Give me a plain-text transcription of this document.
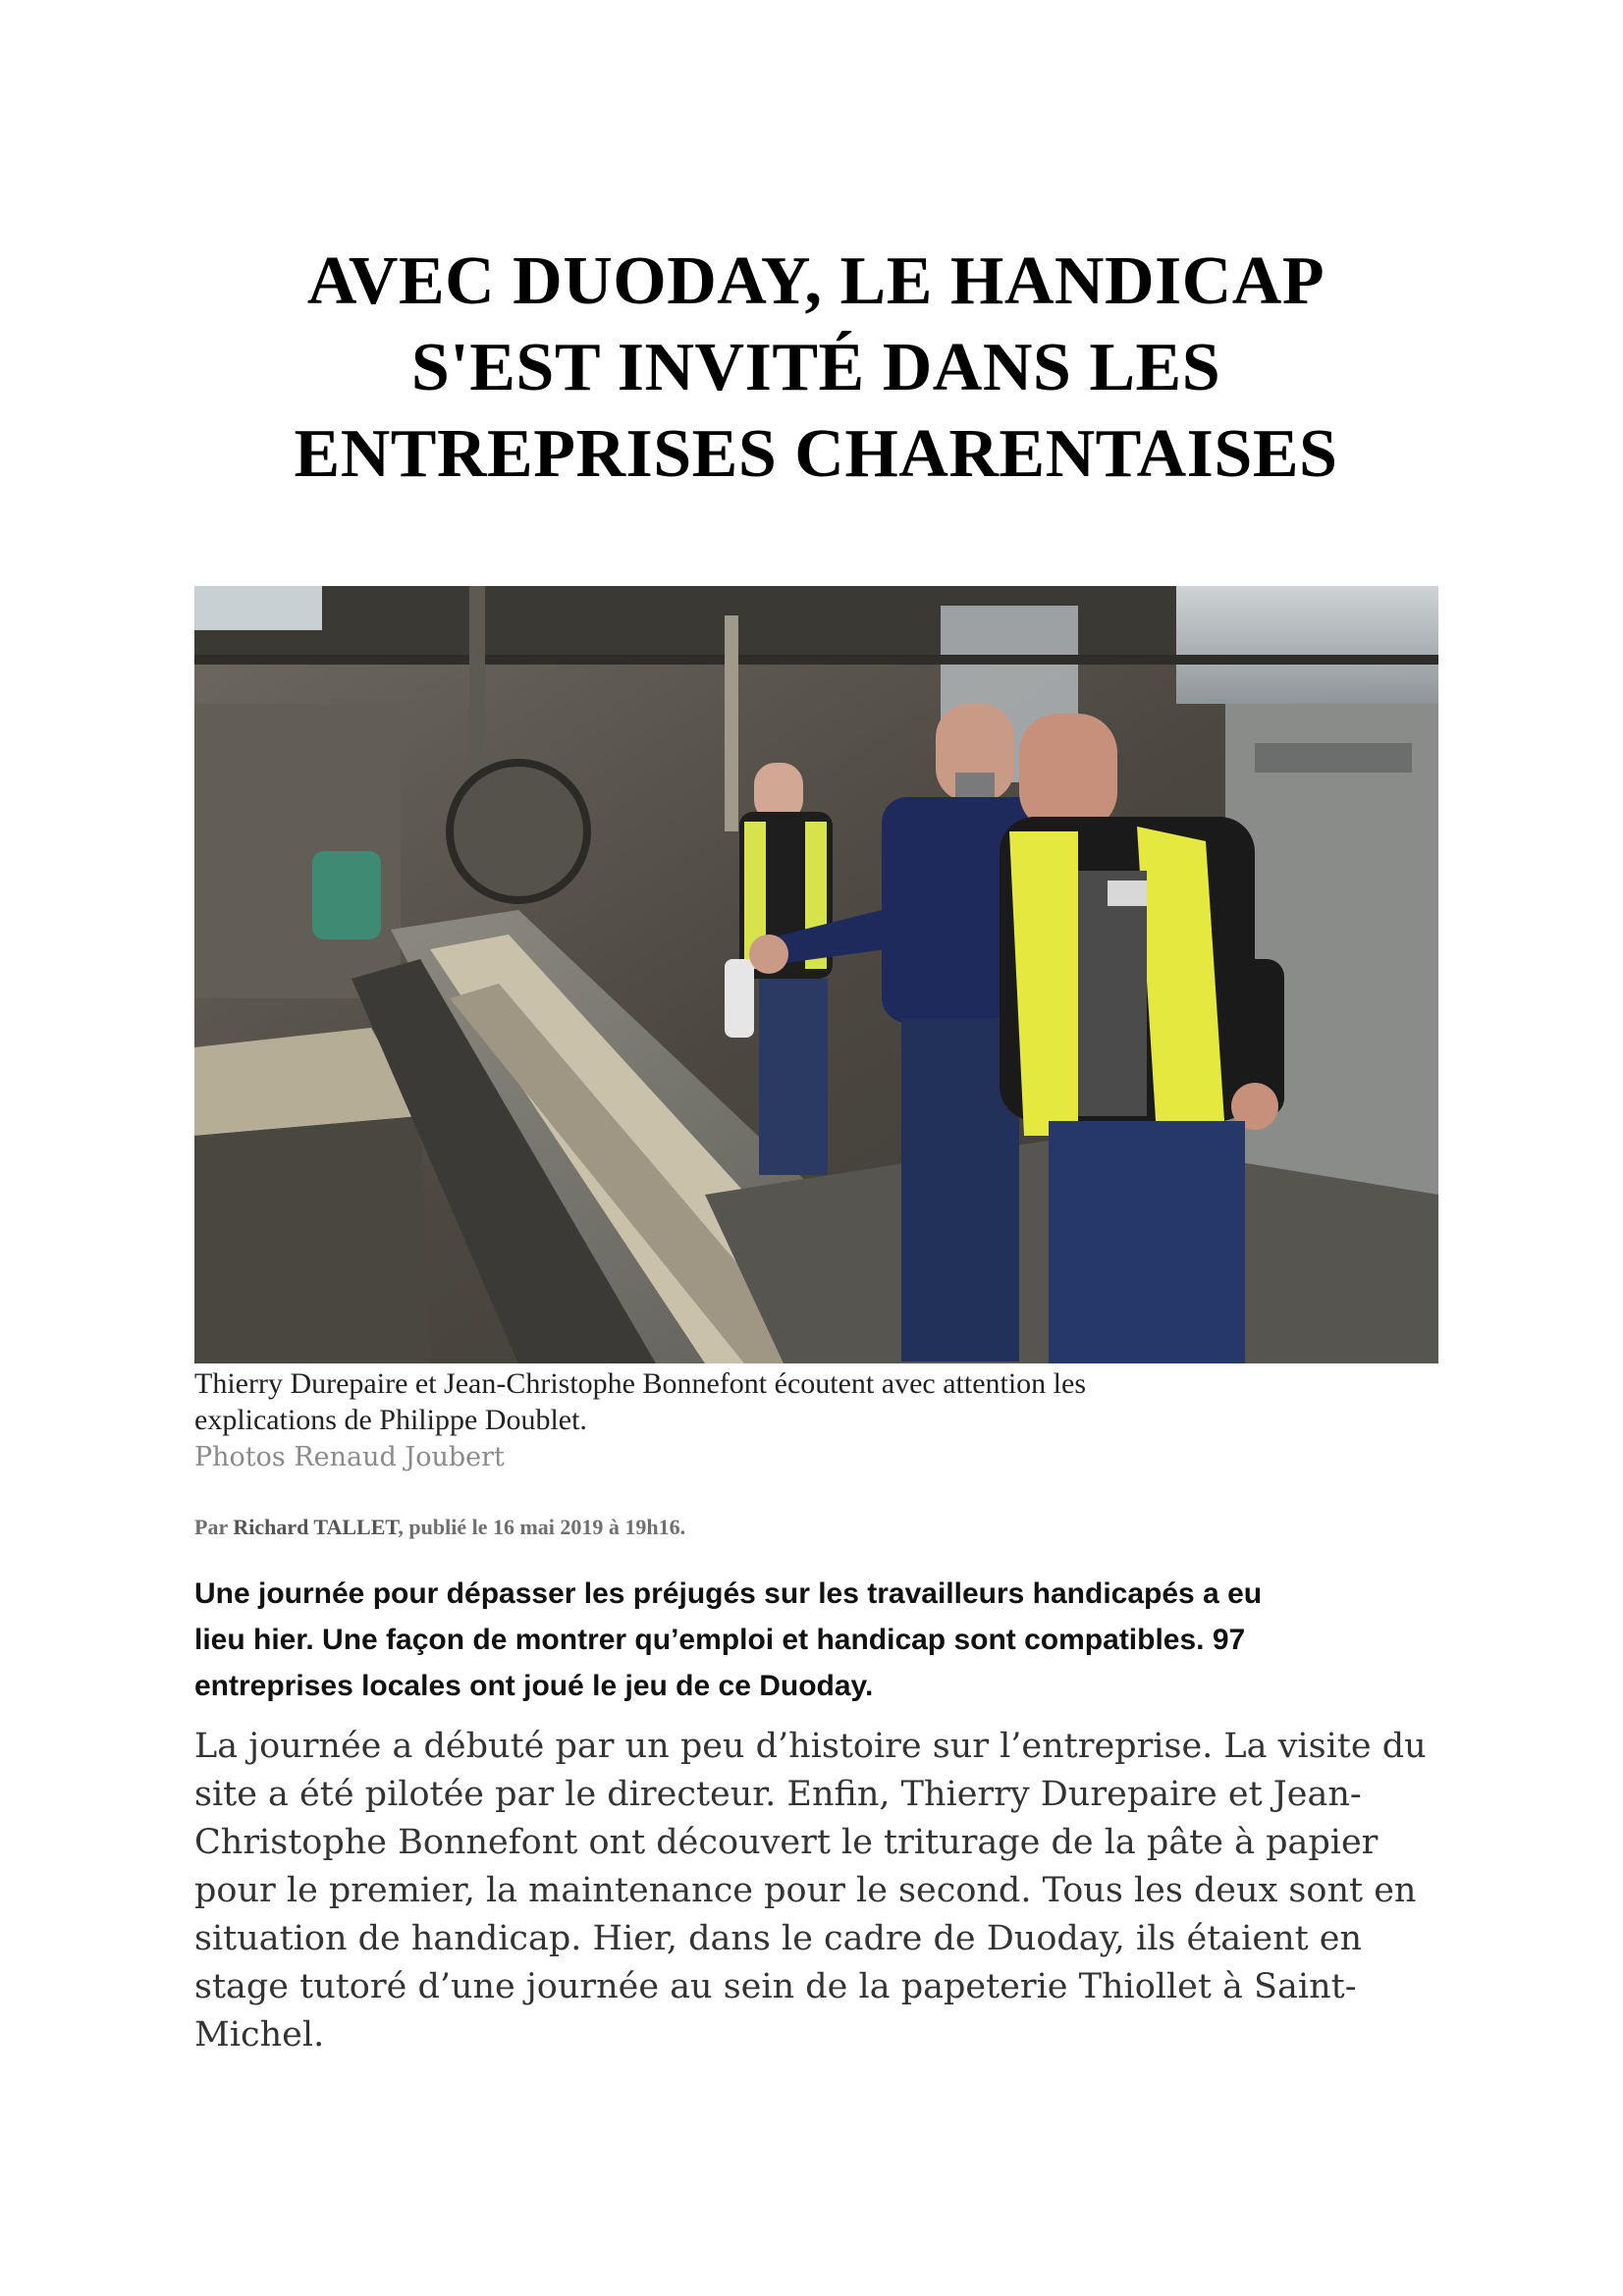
AVEC DUODAY, LE HANDICAP
S'EST INVITÉ DANS LES
ENTREPRISES CHARENTAISES

Thierry Durepaire et Jean-Christophe Bonnefont écoutent avec attention les
explications de Philippe Doublet.

Photos Renaud Joubert
Par Richard TALLET, publié le 16 mai 2019 à 19h16.

Une journée pour dépasser les préjugés sur les travailleurs handicapés a eu
lieu hier. Une façon de montrer qu’emploi et handicap sont compatibles. 97
entreprises locales ont joué le jeu de ce Duoday.

La journée a débuté par un peu d’histoire sur l’entreprise. La visite du
site a été pilotée par le directeur. Enfin, Thierry Durepaire et Jean-
Christophe Bonnefont ont découvert le triturage de la pâte à papier
pour le premier, la maintenance pour le second. Tous les deux sont en
situation de handicap. Hier, dans le cadre de Duoday, ils étaient en
stage tutoré d’une journée au sein de la papeterie Thiollet à Saint-
Michel.
